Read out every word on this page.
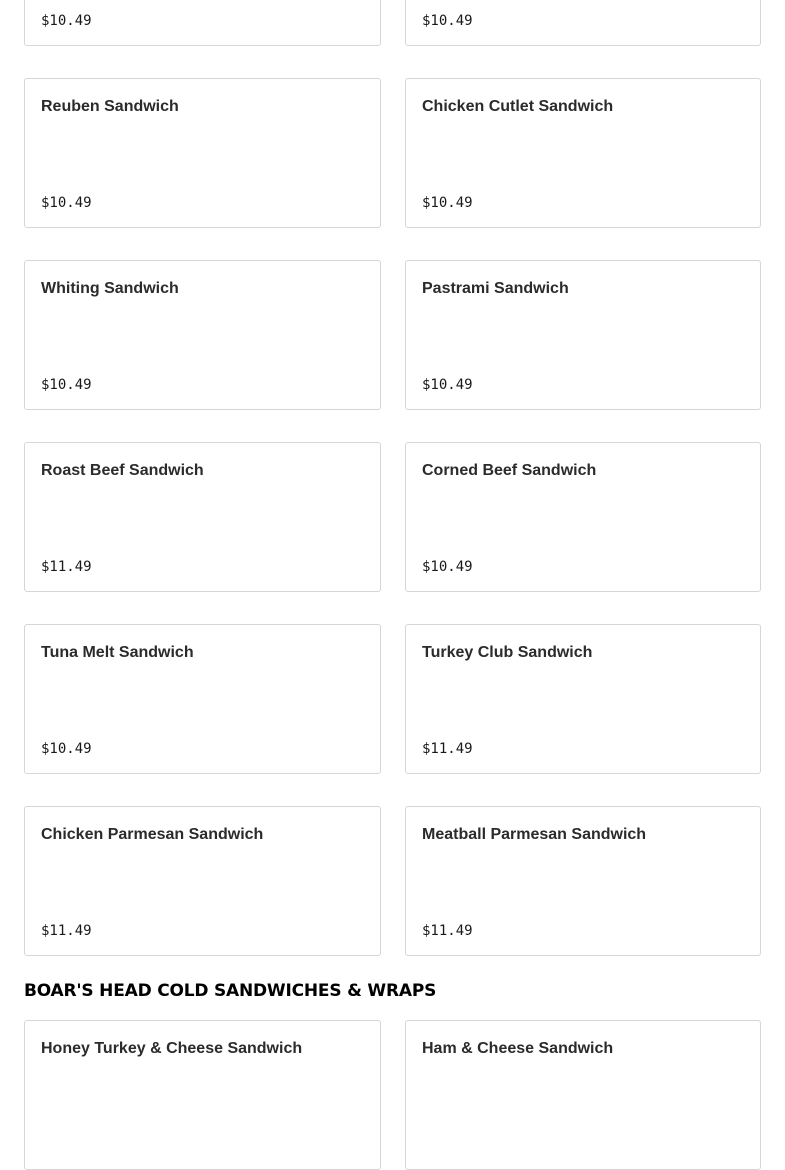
$10.49	$10.49
Reuben Sandwich
$10.49
Chicken Cutlet Sandwich
$10.49
Whiting Sandwich
$10.49
Pastrami Sandwich
$10.49
Roast Beef Sandwich
$11.49
Corned Beef Sandwich
$10.49
Tuna Melt Sandwich
$10.49
Turkey Club Sandwich
$11.49
Chicken Parmesan Sandwich
$11.49
Meatball Parmesan Sandwich
$11.49
BOAR'S HEAD COLD SANDWICHES & WRAPS
Honey Turkey & Cheese Sandwich	Ham & Cheese Sandwich
